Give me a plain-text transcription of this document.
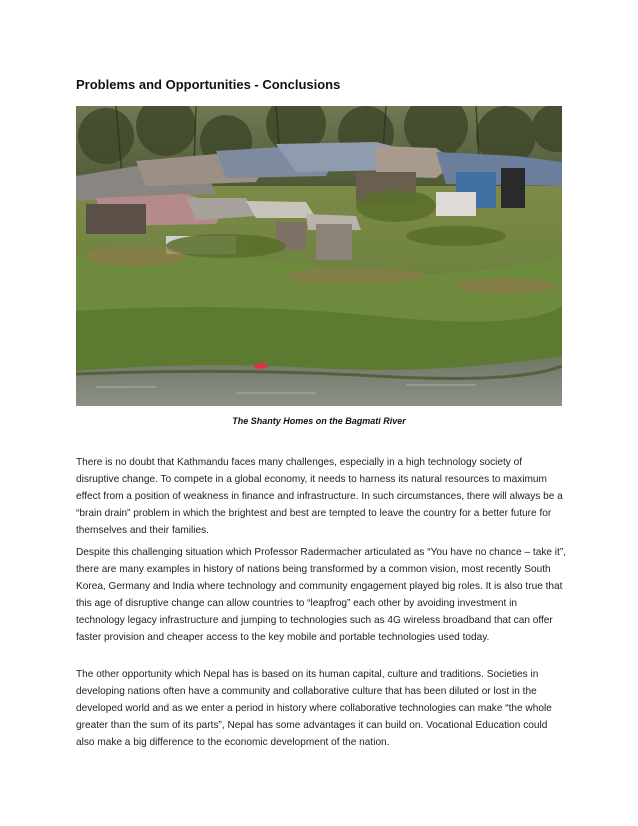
Problems and Opportunities - Conclusions
The Shanty Homes on the Bagmati River

There is no doubt that Kathmandu faces many challenges, especially in a high technology society of disruptive change. To compete in a global economy, it needs to harness its natural resources to maximum effect from a position of weakness in finance and infrastructure. In such circumstances, there will always be a “brain drain” problem in which the brightest and best are tempted to leave the country for a better future for themselves and their families.

Despite this challenging situation which Professor Radermacher articulated as “You have no chance – take it”, there are many examples in history of nations being transformed by a common vision, most recently South Korea, Germany and India where technology and community engagement played big roles. It is also true that this age of disruptive change can allow countries to “leapfrog” each other by avoiding investment in technology legacy infrastructure and jumping to technologies such as 4G wireless broadband that can offer faster provision and cheaper access to the key mobile and portable technologies used today.

The other opportunity which Nepal has is based on its human capital, culture and traditions. Societies in developing nations often have a community and collaborative culture that has been diluted or lost in the developed world and as we enter a period in history where collaborative technologies can make “the whole greater than the sum of its parts”, Nepal has some advantages it can build on. Vocational Education could also make a big difference to the economic development of the nation.
